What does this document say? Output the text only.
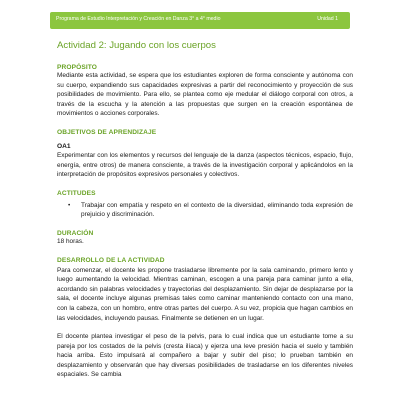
Programa de Estudio Interpretación y Creación en Danza 3° a 4° medio	Unidad 1
Actividad 2: Jugando con los cuerpos
PROPÓSITO

Mediante esta actividad, se espera que los estudiantes exploren de forma consciente y autónoma con su cuerpo, expandiendo sus capacidades expresivas a partir del reconocimiento y proyección de sus posibilidades de movimiento. Para ello, se plantea como eje medular el diálogo corporal con otros, a través de la escucha y la atención a las propuestas que surgen en la creación espontánea de movimientos o acciones corporales.

OBJETIVOS DE APRENDIZAJE

OA1

Experimentar con los elementos y recursos del lenguaje de la danza (aspectos técnicos, espacio, flujo, energía, entre otros) de manera consciente, a través de la investigación corporal y aplicándolos en la interpretación de propósitos expresivos personales y colectivos.

ACTITUDES
•	Trabajar con empatía y respeto en el contexto de la diversidad, eliminando toda expresión de prejuicio y discriminación.
DURACIÓN

18 horas.

DESARROLLO DE LA ACTIVIDAD

Para comenzar, el docente les propone trasladarse libremente por la sala caminando, primero lento y luego aumentando la velocidad. Mientras caminan, escogen a una pareja para caminar junto a ella, acordando sin palabras velocidades y trayectorias del desplazamiento. Sin dejar de desplazarse por la sala, el docente incluye algunas premisas tales como caminar manteniendo contacto con una mano, con la cabeza, con un hombro, entre otras partes del cuerpo. A su vez, propicia que hagan cambios en las velocidades, incluyendo pausas. Finalmente se detienen en un lugar.

El docente plantea investigar el peso de la pelvis, para lo cual indica que un estudiante tome a su pareja por los costados de la pelvis (cresta ilíaca) y ejerza una leve presión hacia el suelo y también hacia arriba. Esto impulsará al compañero a bajar y subir del piso; lo prueban también en desplazamiento y observarán que hay diversas posibilidades de trasladarse en los diferentes niveles espaciales. Se cambia
